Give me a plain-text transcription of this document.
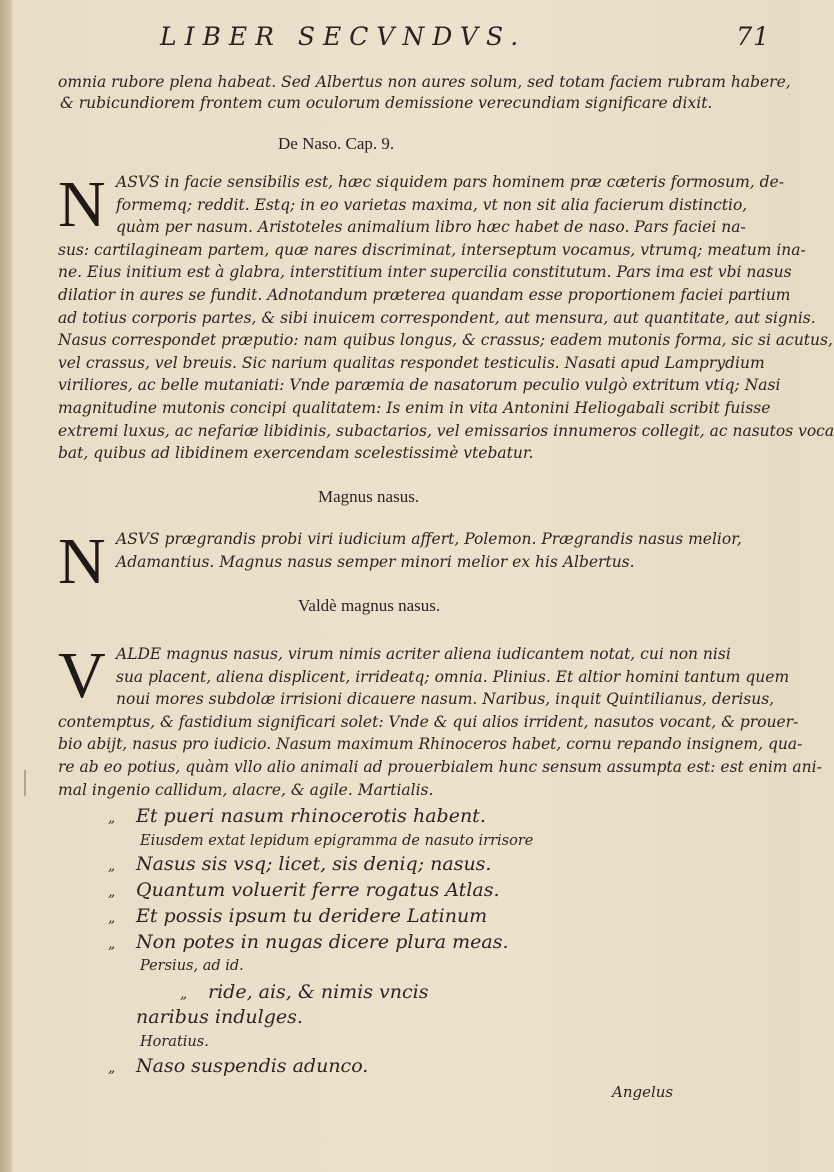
LIBER SECVNDVS.	71
omnia rubore plena habeat. Sed Albertus non aures solum, sed totam faciem rubram habere,
& rubicundiorem frontem cum oculorum demissione verecundiam significare dixit.
De Naso. Cap. 9.
N ASVS in facie sensibilis est, hæc siquidem pars hominem præ cæteris formosum, de-
formemq; reddit. Estq; in eo varietas maxima, vt non sit alia facierum distinctio,
quàm per nasum. Aristoteles animalium libro hæc habet de naso. Pars faciei na-
sus: cartilagineam partem, quæ nares discriminat, interseptum vocamus, vtrumq; meatum ina-
ne. Eius initium est à glabra, interstitium inter supercilia constitutum. Pars ima est vbi nasus
dilatior in aures se fundit. Adnotandum præterea quandam esse proportionem faciei partium
ad totius corporis partes, & sibi inuicem correspondent, aut mensura, aut quantitate, aut signis.
Nasus correspondet præputio: nam quibus longus, & crassus; eadem mutonis forma, sic si acutus,
vel crassus, vel breuis. Sic narium qualitas respondet testiculis. Nasati apud Lamprydium
viriliores, ac belle mutaniati: Vnde paræmia de nasatorum peculio vulgò extritum vtiq; Nasi
magnitudine mutonis concipi qualitatem: Is enim in vita Antonini Heliogabali scribit fuisse
extremi luxus, ac nefariæ libidinis, subactarios, vel emissarios innumeros collegit, ac nasutos voca
bat, quibus ad libidinem exercendam scelestissimè vtebatur.
Magnus nasus.
N ASVS prægrandis probi viri iudicium affert, Polemon. Prægrandis nasus melior,
Adamantius. Magnus nasus semper minori melior ex his Albertus.
Valdè magnus nasus.
V ALDE magnus nasus, virum nimis acriter aliena iudicantem notat, cui non nisi
sua placent, aliena displicent, irrideatq; omnia. Plinius. Et altior homini tantum quem
noui mores subdolæ irrisioni dicauere nasum. Naribus, inquit Quintilianus, derisus,
contemptus, & fastidium significari solet: Vnde & qui alios irrident, nasutos vocant, & prouer-
bio abijt, nasus pro iudicio. Nasum maximum Rhinoceros habet, cornu repando insignem, qua-
re ab eo potius, quàm vllo alio animali ad prouerbialem hunc sensum assumpta est: est enim ani-
mal ingenio callidum, alacre, & agile. Martialis.
„ Et pueri nasum rhinocerotis habent.
Eiusdem extat lepidum epigramma de nasuto irrisore
„ Nasus sis vsq; licet, sis deniq; nasus.
„ Quantum voluerit ferre rogatus Atlas.
„ Et possis ipsum tu deridere Latinum
„ Non potes in nugas dicere plura meas.
Persius, ad id.
„ ride, ais, & nimis vncis
naribus indulges.
Horatius.
„ Naso suspendis adunco.
Angelus
